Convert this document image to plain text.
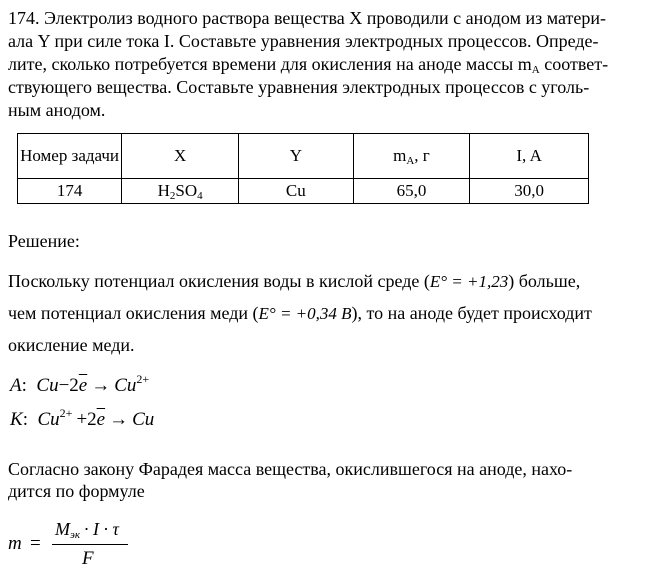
174. Электролиз водного раствора вещества X проводили с анодом из матери-
ала Y при силе тока I. Составьте уравнения электродных процессов. Опреде-
лите, сколько потребуется времени для окисления на аноде массы $m_A$ соответ-
ствующего вещества. Составьте уравнения электродных процессов с уголь-
ным анодом.
Номер задачи	X	Y	$m_A$, г	I, A
174	$H_2SO_4$	Cu	65,0	30,0
Решение:
Поскольку потенциал окисления воды в кислой среде (E° = +1,23) больше,
чем потенциал окисления меди (E° = +0,34 B), то на аноде будет происходит
окисление меди.
A:  $Cu-2\overline{e} \to Cu^{2+}$
K:  $Cu^{2+} +2\overline{e} \to Cu$
Согласно закону Фарадея масса вещества, окислившегося на аноде, нахо-
дится по формуле
m =
$M_{эк} \cdot I \cdot \tau$
F
